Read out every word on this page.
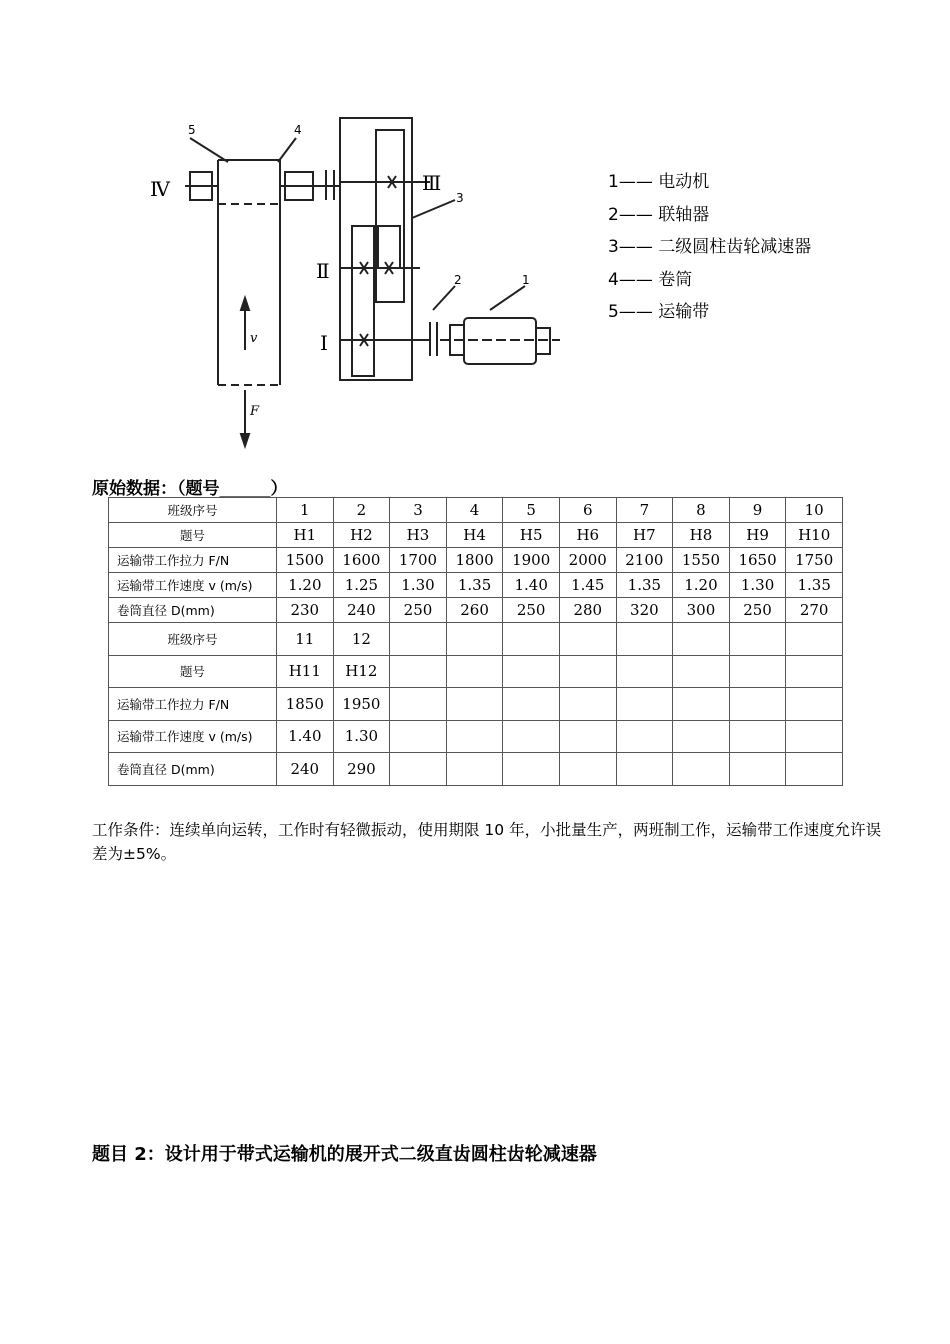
Ⅳ	Ⅲ
Ⅱ
Ⅰ
5	4
3
2	1
v
F
1—— 电动机
2—— 联轴器
3—— 二级圆柱齿轮减速器
4—— 卷筒
5—— 运输带
原始数据：（题号______）
班级序号	1	2	3	4	5	6	7	8	9	10
题号	H1	H2	H3	H4	H5	H6	H7	H8	H9	H10
运输带工作拉力 F/N	1500	1600	1700	1800	1900	2000	2100	1550	1650	1750
运输带工作速度 v (m/s)	1.20	1.25	1.30	1.35	1.40	1.45	1.35	1.20	1.30	1.35
卷筒直径 D(mm)	230	240	250	260	250	280	320	300	250	270
班级序号	11	12								
题号	H11	H12								
运输带工作拉力 F/N	1850	1950								
运输带工作速度 v (m/s)	1.40	1.30								
卷筒直径 D(mm)	240	290								
工作条件：连续单向运转，工作时有轻微振动，使用期限 10 年，小批量生产，两班制工作，运输带工作速度允许误差为±5%。
题目 2：设计用于带式运输机的展开式二级直齿圆柱齿轮减速器
